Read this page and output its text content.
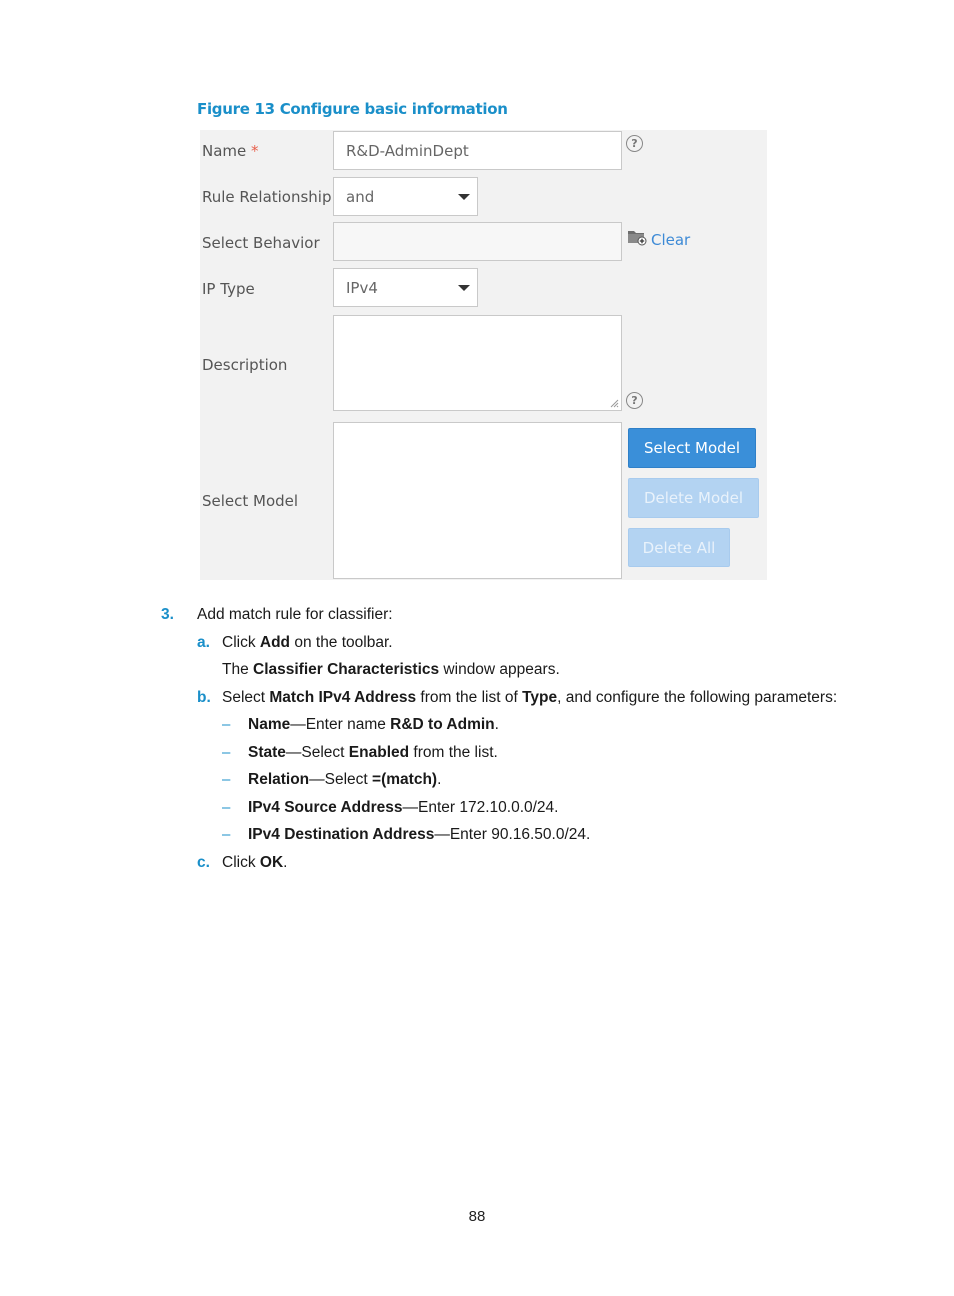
Figure 13 Configure basic information
Name *	R&D-AdminDept	?
Rule Relationship and
Select Behavior	Clear
IP Type	IPv4
Description
?
Select Model
Select Model
Delete Model
Delete All
3. Add match rule for classifier:
a. Click Add on the toolbar.
The Classifier Characteristics window appears.
b. Select Match IPv4 Address from the list of Type, and configure the following parameters:
– Name—Enter name R&D to Admin.
– State—Select Enabled from the list.
– Relation—Select =(match).
– IPv4 Source Address—Enter 172.10.0.0/24.
– IPv4 Destination Address—Enter 90.16.50.0/24.
c. Click OK.
88
